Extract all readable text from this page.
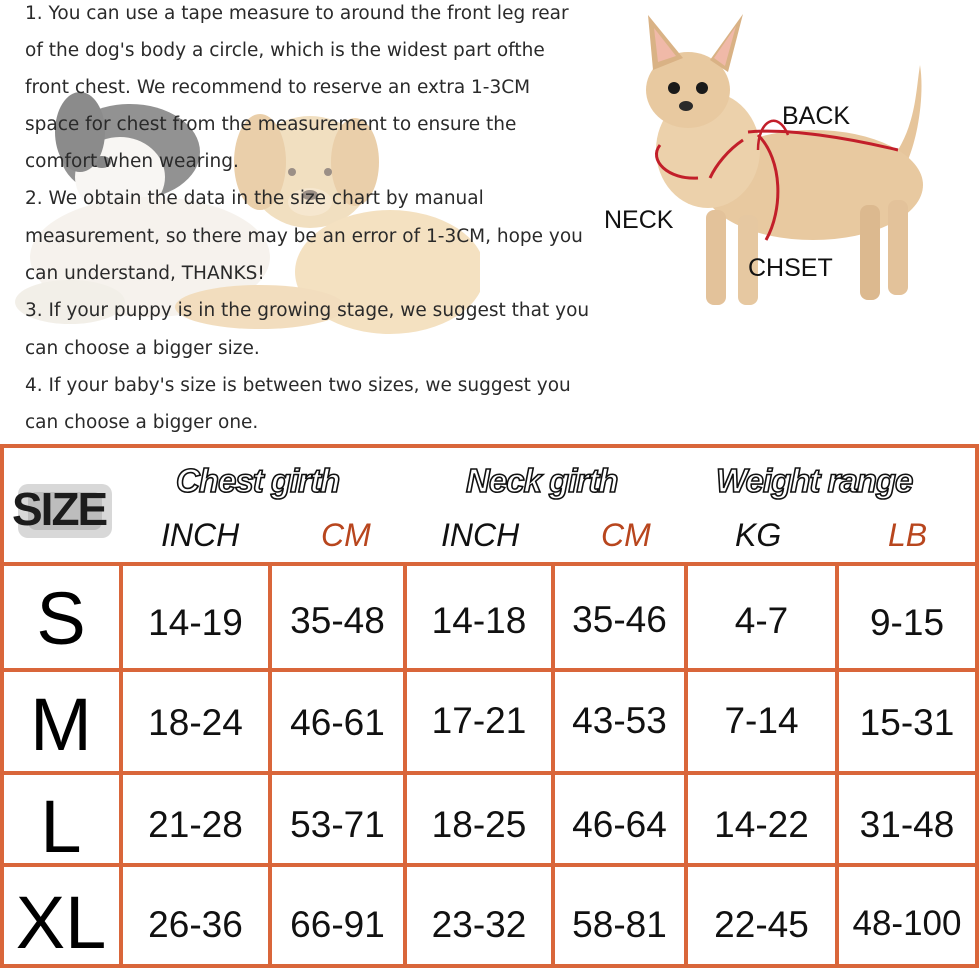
1. You can use a tape measure to around the front leg rear
of the dog's body a circle, which is the widest part ofthe
front chest. We recommend to reserve an extra 1-3CM
space for chest from the measurement to ensure the
comfort when wearing.
2. We obtain the data in the size chart by manual
measurement, so there may be an error of 1-3CM, hope you
can understand, THANKS!
3. If your puppy is in the growing stage, we suggest that you
can choose a bigger size.
4. If your baby's size is between two sizes, we suggest you
can choose a bigger one.
BACK
NECK
CHSET
SIZE
Chest girth	Neck girth	Weight range
INCH	CM INCH	CM	KG	LB
S	14-19	35-48	14-18	35-46	4-7	9-15
M	18-24	46-61	17-21	43-53	7-14	15-31
L	21-28	53-71	18-25	46-64	14-22	31-48
XL	26-36	66-91	23-32	58-81	22-45	48-100
